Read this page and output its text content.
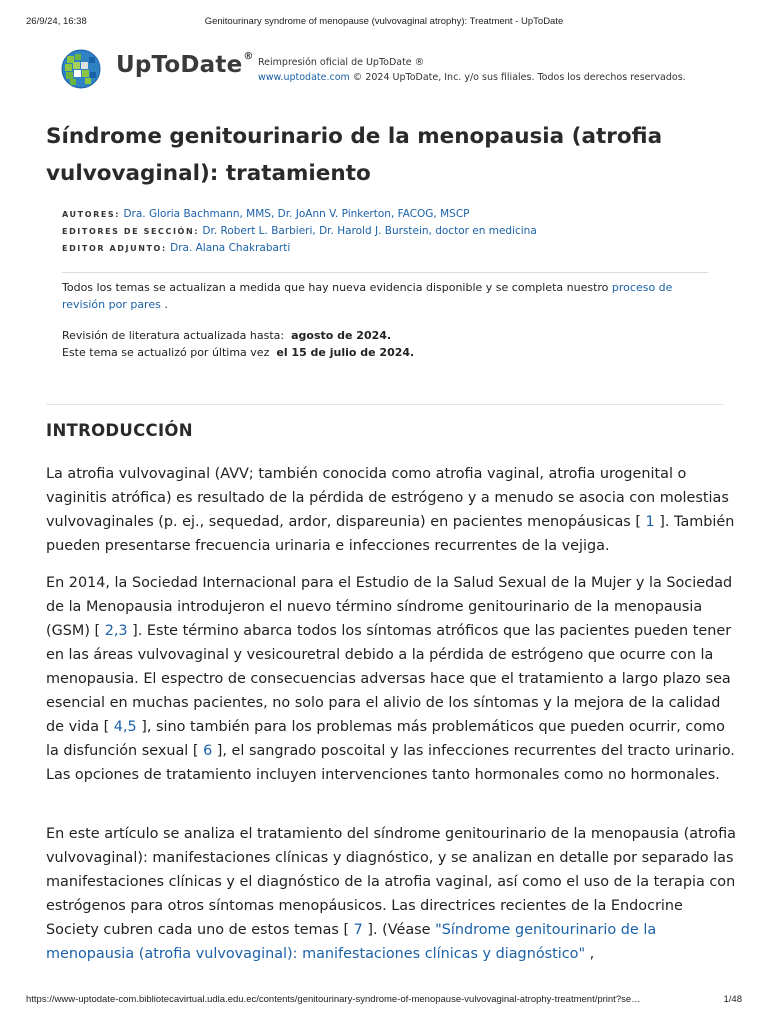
26/9/24, 16:38	Genitourinary syndrome of menopause (vulvovaginal atrophy): Treatment - UpToDate
UpToDate®
Reimpresión oficial de UpToDate ®
www.uptodate.com © 2024 UpToDate, Inc. y/o sus filiales. Todos los derechos reservados.
Síndrome genitourinario de la menopausia (atrofia vulvovaginal): tratamiento
AUTORES: Dra. Gloria Bachmann, MMS, Dr. JoAnn V. Pinkerton, FACOG, MSCP
EDITORES DE SECCIÓN: Dr. Robert L. Barbieri, Dr. Harold J. Burstein, doctor en medicina
EDITOR ADJUNTO: Dra. Alana Chakrabarti
Todos los temas se actualizan a medida que hay nueva evidencia disponible y se completa nuestro proceso de revisión por pares .
Revisión de literatura actualizada hasta: agosto de 2024.
Este tema se actualizó por última vez el 15 de julio de 2024.
INTRODUCCIÓN

La atrofia vulvovaginal (AVV; también conocida como atrofia vaginal, atrofia urogenital o vaginitis atrófica) es resultado de la pérdida de estrógeno y a menudo se asocia con molestias vulvovaginales (p. ej., sequedad, ardor, dispareunia) en pacientes menopáusicas [ 1 ]. También pueden presentarse frecuencia urinaria e infecciones recurrentes de la vejiga.

En 2014, la Sociedad Internacional para el Estudio de la Salud Sexual de la Mujer y la Sociedad de la Menopausia introdujeron el nuevo término síndrome genitourinario de la menopausia (GSM) [ 2,3 ]. Este término abarca todos los síntomas atróficos que las pacientes pueden tener en las áreas vulvovaginal y vesicouretral debido a la pérdida de estrógeno que ocurre con la menopausia. El espectro de consecuencias adversas hace que el tratamiento a largo plazo sea esencial en muchas pacientes, no solo para el alivio de los síntomas y la mejora de la calidad de vida [ 4,5 ], sino también para los problemas más problemáticos que pueden ocurrir, como la disfunción sexual [ 6 ], el sangrado poscoital y las infecciones recurrentes del tracto urinario. Las opciones de tratamiento incluyen intervenciones tanto hormonales como no hormonales.

En este artículo se analiza el tratamiento del síndrome genitourinario de la menopausia (atrofia vulvovaginal): manifestaciones clínicas y diagnóstico, y se analizan en detalle por separado las manifestaciones clínicas y el diagnóstico de la atrofia vaginal, así como el uso de la terapia con estrógenos para otros síntomas menopáusicos. Las directrices recientes de la Endocrine Society cubren cada uno de estos temas [ 7 ]. (Véase "Síndrome genitourinario de la menopausia (atrofia vulvovaginal): manifestaciones clínicas y diagnóstico" ,

https://www-uptodate-com.bibliotecavirtual.udla.edu.ec/contents/genitourinary-syndrome-of-menopause-vulvovaginal-atrophy-treatment/print?se…	1/48
